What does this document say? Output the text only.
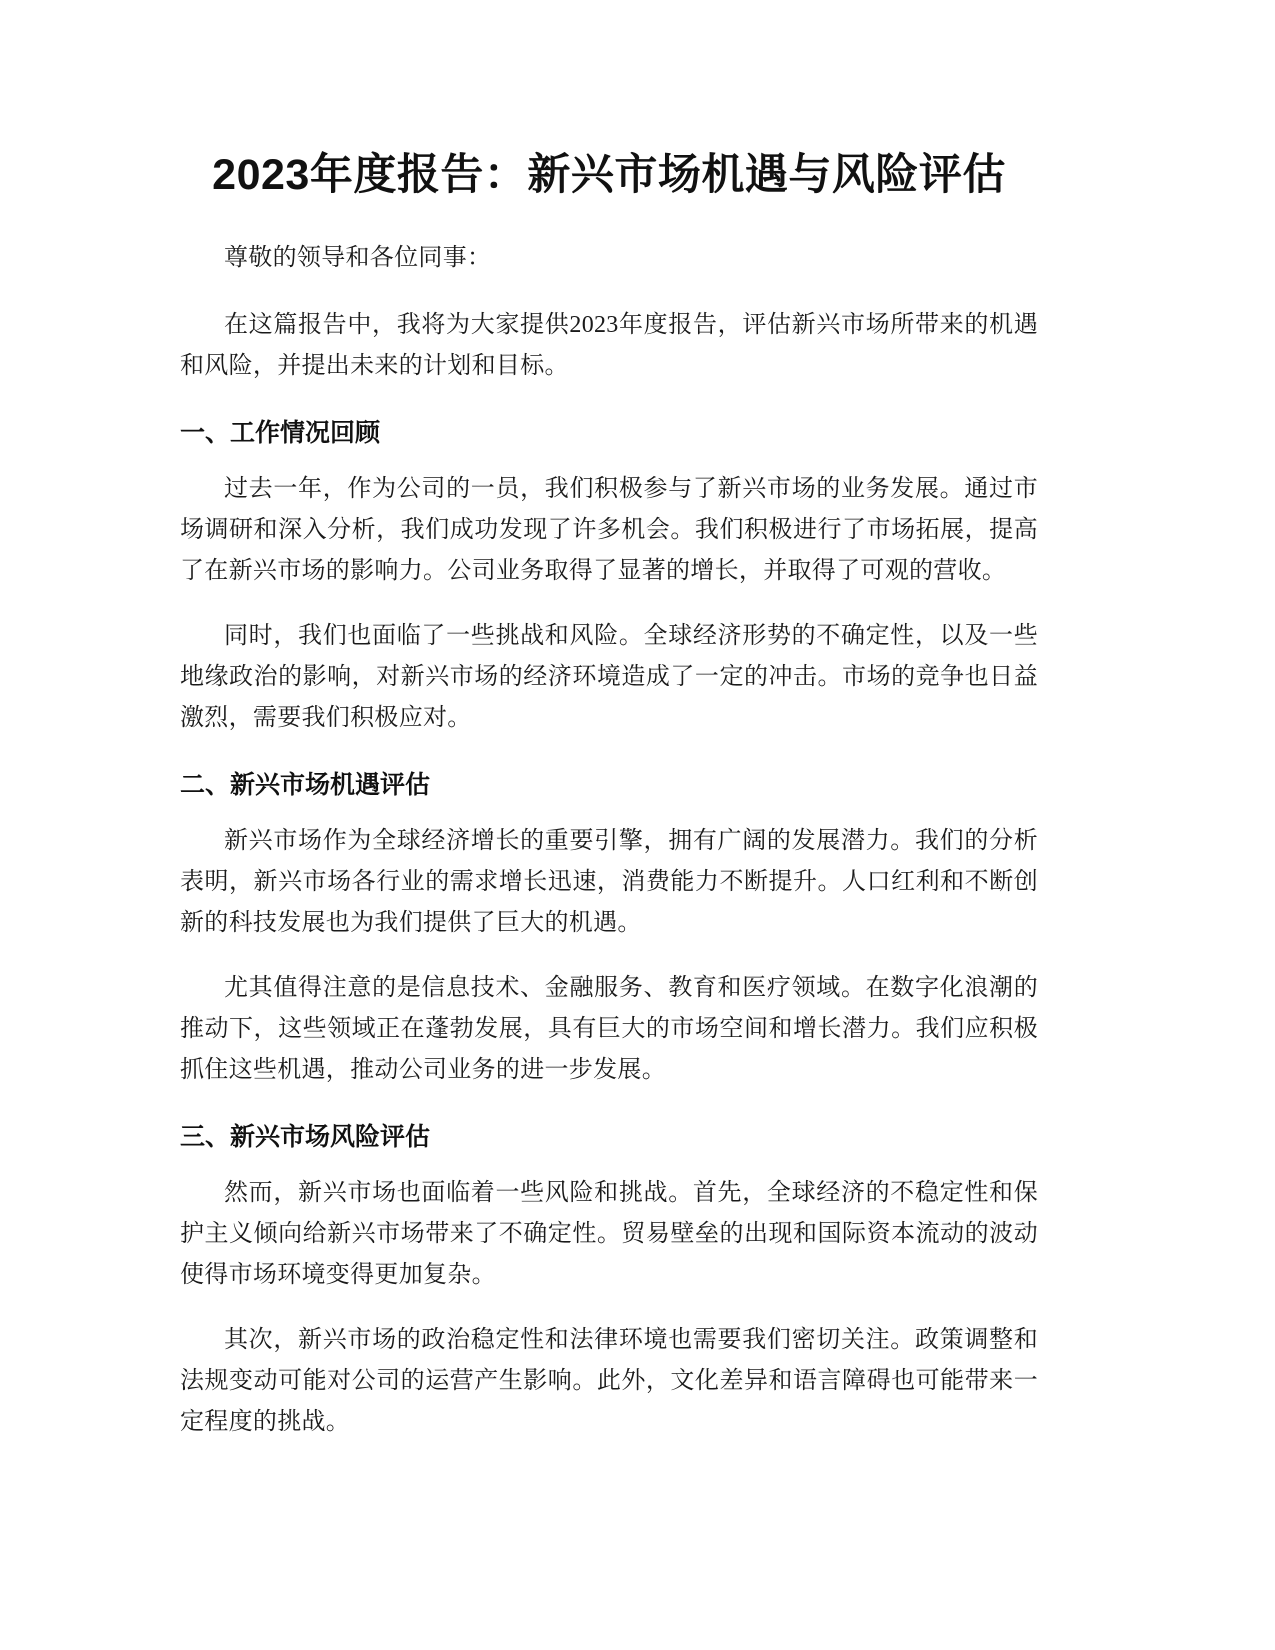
2023年度报告：新兴市场机遇与风险评估

尊敬的领导和各位同事：

在这篇报告中，我将为大家提供2023年度报告，评估新兴市场所带来的机遇和风险，并提出未来的计划和目标。

一、工作情况回顾

过去一年，作为公司的一员，我们积极参与了新兴市场的业务发展。通过市场调研和深入分析，我们成功发现了许多机会。我们积极进行了市场拓展，提高了在新兴市场的影响力。公司业务取得了显著的增长，并取得了可观的营收。

同时，我们也面临了一些挑战和风险。全球经济形势的不确定性，以及一些地缘政治的影响，对新兴市场的经济环境造成了一定的冲击。市场的竞争也日益激烈，需要我们积极应对。

二、新兴市场机遇评估

新兴市场作为全球经济增长的重要引擎，拥有广阔的发展潜力。我们的分析表明，新兴市场各行业的需求增长迅速，消费能力不断提升。人口红利和不断创新的科技发展也为我们提供了巨大的机遇。

尤其值得注意的是信息技术、金融服务、教育和医疗领域。在数字化浪潮的推动下，这些领域正在蓬勃发展，具有巨大的市场空间和增长潜力。我们应积极抓住这些机遇，推动公司业务的进一步发展。

三、新兴市场风险评估

然而，新兴市场也面临着一些风险和挑战。首先，全球经济的不稳定性和保护主义倾向给新兴市场带来了不确定性。贸易壁垒的出现和国际资本流动的波动使得市场环境变得更加复杂。

其次，新兴市场的政治稳定性和法律环境也需要我们密切关注。政策调整和法规变动可能对公司的运营产生影响。此外，文化差异和语言障碍也可能带来一定程度的挑战。
